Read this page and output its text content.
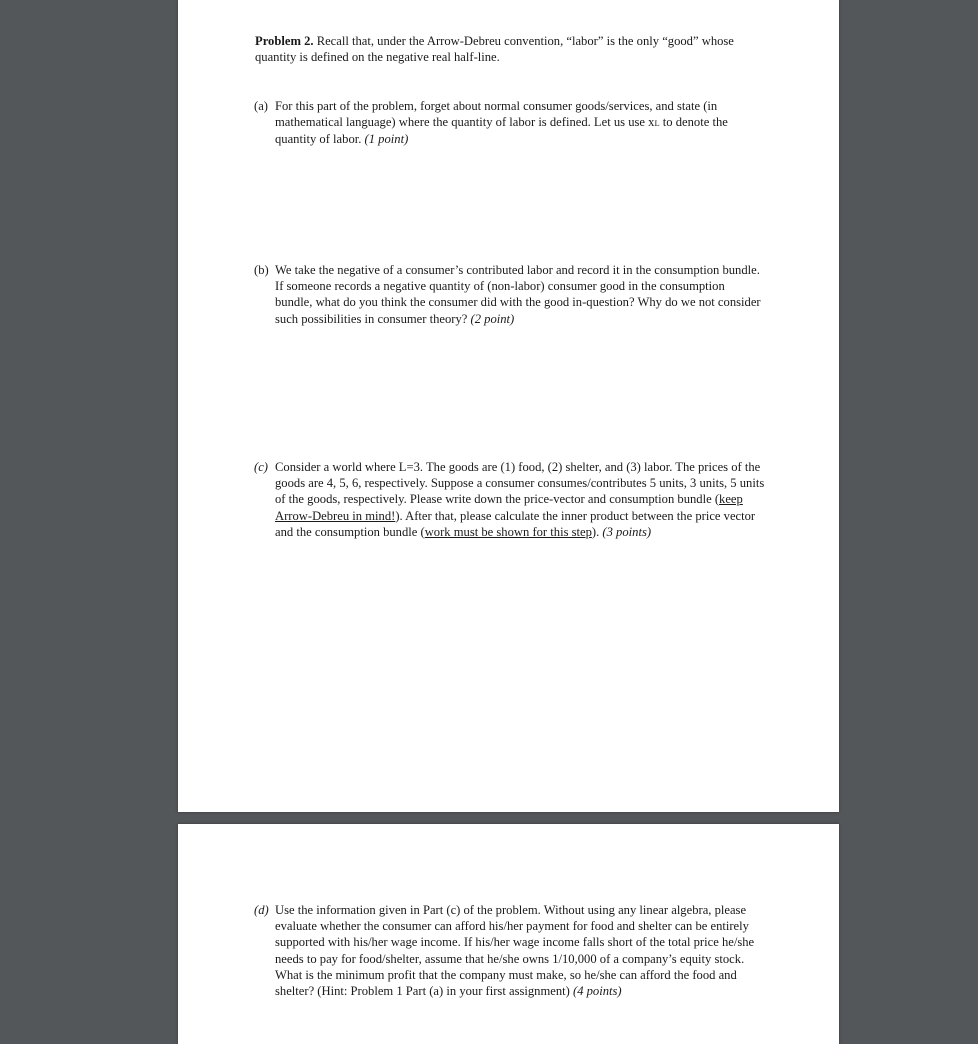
Problem 2. Recall that, under the Arrow-Debreu convention, “labor” is the only “good” whose quantity is defined on the negative real half-line.

(a) For this part of the problem, forget about normal consumer goods/services, and state (in mathematical language) where the quantity of labor is defined. Let us use xL to denote the quantity of labor. (1 point)
(b) We take the negative of a consumer’s contributed labor and record it in the consumption bundle. If someone records a negative quantity of (non-labor) consumer good in the consumption bundle, what do you think the consumer did with the good in-question? Why do we not consider such possibilities in consumer theory? (2 point)
(c) Consider a world where L=3. The goods are (1) food, (2) shelter, and (3) labor. The prices of the goods are 4, 5, 6, respectively. Suppose a consumer consumes/contributes 5 units, 3 units, 5 units of the goods, respectively. Please write down the price-vector and consumption bundle (keep Arrow-Debreu in mind!). After that, please calculate the inner product between the price vector and the consumption bundle (work must be shown for this step). (3 points)
(d) Use the information given in Part (c) of the problem. Without using any linear algebra, please evaluate whether the consumer can afford his/her payment for food and shelter can be entirely supported with his/her wage income. If his/her wage income falls short of the total price he/she needs to pay for food/shelter, assume that he/she owns 1/10,000 of a company’s equity stock. What is the minimum profit that the company must make, so he/she can afford the food and shelter? (Hint: Problem 1 Part (a) in your first assignment) (4 points)
